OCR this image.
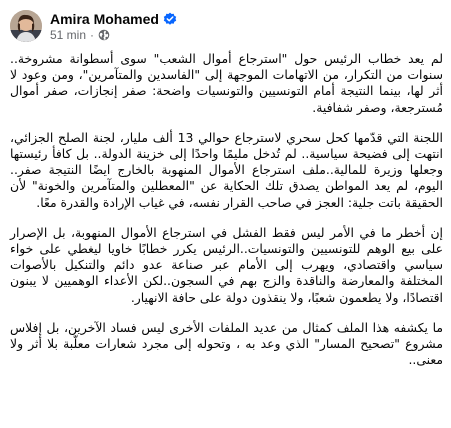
Amira Mohamed
51 min ·

لم يعد خطاب الرئيس حول "استرجاع أموال الشعب" سوى أسطوانة مشروخة.. سنوات من التكرار، من الاتهامات الموجهة إلى "الفاسدين والمتآمرين"، ومن وعود لا أثر لها، بينما النتيجة أمام التونسيين والتونسيات واضحة: صفر إنجازات، صفر أموال مُسترجعة، وصفر شفافية.

اللجنة التي قدّمها كحل سحري لاسترجاع حوالي 13 ألف مليار، لجنة الصلح الجزائي، انتهت إلى فضيحة سياسية.. لم تُدخل مليمًا واحدًا إلى خزينة الدولة.. بل كافأ رئيستها وجعلها وزيرة للمالية..ملف استرجاع الأموال المنهوبة بالخارج ايضًا النتيجة صفر.. اليوم، لم يعد المواطن يصدق تلك الحكاية عن "المعطلين والمتآمرين والخونة" لأن الحقيقة باتت جلية: العجز في صاحب القرار نفسه، في غياب الإرادة والقدرة معًا.

إن أخطر ما في الأمر ليس فقط الفشل في استرجاع الأموال المنهوبة، بل الإصرار على بيع الوهم للتونسيين والتونسيات..الرئيس يكرر خطابًا خاويا ليغطي على خواء سياسي واقتصادي، ويهرب إلى الأمام عبر صناعة عدو دائم والتنكيل بالأصوات المختلفة والمعارضة والناقدة والزج بهم في السجون..لكن الأعداء الوهميين لا يبنون اقتصادًا، ولا يطعمون شعبًا، ولا ينقذون دولة على حافة الانهيار.

ما يكشفه هذا الملف كمثال من عديد الملفات الأخرى ليس فساد الآخرين، بل إفلاس مشروع "تصحيح المسار" الذي وعد به ، وتحوله إلى مجرد شعارات معلّبة بلا أثر ولا معنى..
